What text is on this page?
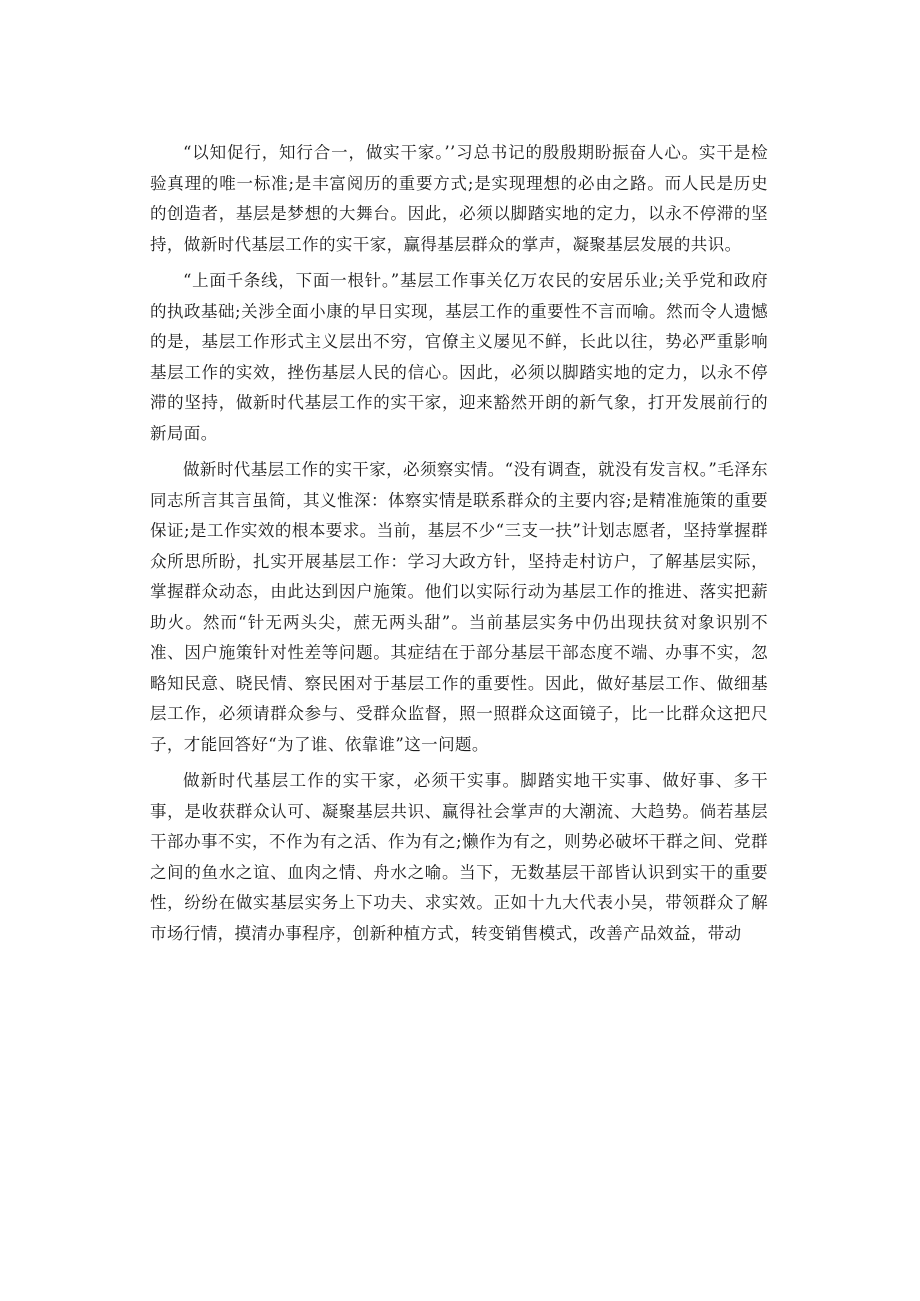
“以知促行，知行合一，做实干家。’’习总书记的殷殷期盼振奋人心。实干是检验真理的唯一标准;是丰富阅历的重要方式;是实现理想的必由之路。而人民是历史的创造者，基层是梦想的大舞台。因此，必须以脚踏实地的定力，以永不停滞的坚持，做新时代基层工作的实干家，赢得基层群众的掌声，凝聚基层发展的共识。

“上面千条线，下面一根针。”基层工作事关亿万农民的安居乐业;关乎党和政府的执政基础;关涉全面小康的早日实现，基层工作的重要性不言而喻。然而令人遗憾的是，基层工作形式主义层出不穷，官僚主义屡见不鲜，长此以往，势必严重影响基层工作的实效，挫伤基层人民的信心。因此，必须以脚踏实地的定力，以永不停滞的坚持，做新时代基层工作的实干家，迎来豁然开朗的新气象，打开发展前行的新局面。

做新时代基层工作的实干家，必须察实情。“没有调查，就没有发言权。”毛泽东同志所言其言虽简，其义惟深：体察实情是联系群众的主要内容;是精准施策的重要保证;是工作实效的根本要求。当前，基层不少“三支一扶”计划志愿者，坚持掌握群众所思所盼，扎实开展基层工作：学习大政方针，坚持走村访户，了解基层实际，掌握群众动态，由此达到因户施策。他们以实际行动为基层工作的推进、落实把薪助火。然而“针无两头尖，蔗无两头甜”。当前基层实务中仍出现扶贫对象识别不准、因户施策针对性差等问题。其症结在于部分基层干部态度不端、办事不实，忽略知民意、晓民情、察民困对于基层工作的重要性。因此，做好基层工作、做细基层工作，必须请群众参与、受群众监督，照一照群众这面镜子，比一比群众这把尺子，才能回答好“为了谁、依靠谁”这一问题。

做新时代基层工作的实干家，必须干实事。脚踏实地干实事、做好事、多干事，是收获群众认可、凝聚基层共识、赢得社会掌声的大潮流、大趋势。倘若基层干部办事不实，不作为有之活、作为有之;懒作为有之，则势必破坏干群之间、党群之间的鱼水之谊、血肉之情、舟水之喻。当下，无数基层干部皆认识到实干的重要性，纷纷在做实基层实务上下功夫、求实效。正如十九大代表小吴，带领群众了解市场行情，摸清办事程序，创新种植方式，转变销售模式，改善产品效益，带动
